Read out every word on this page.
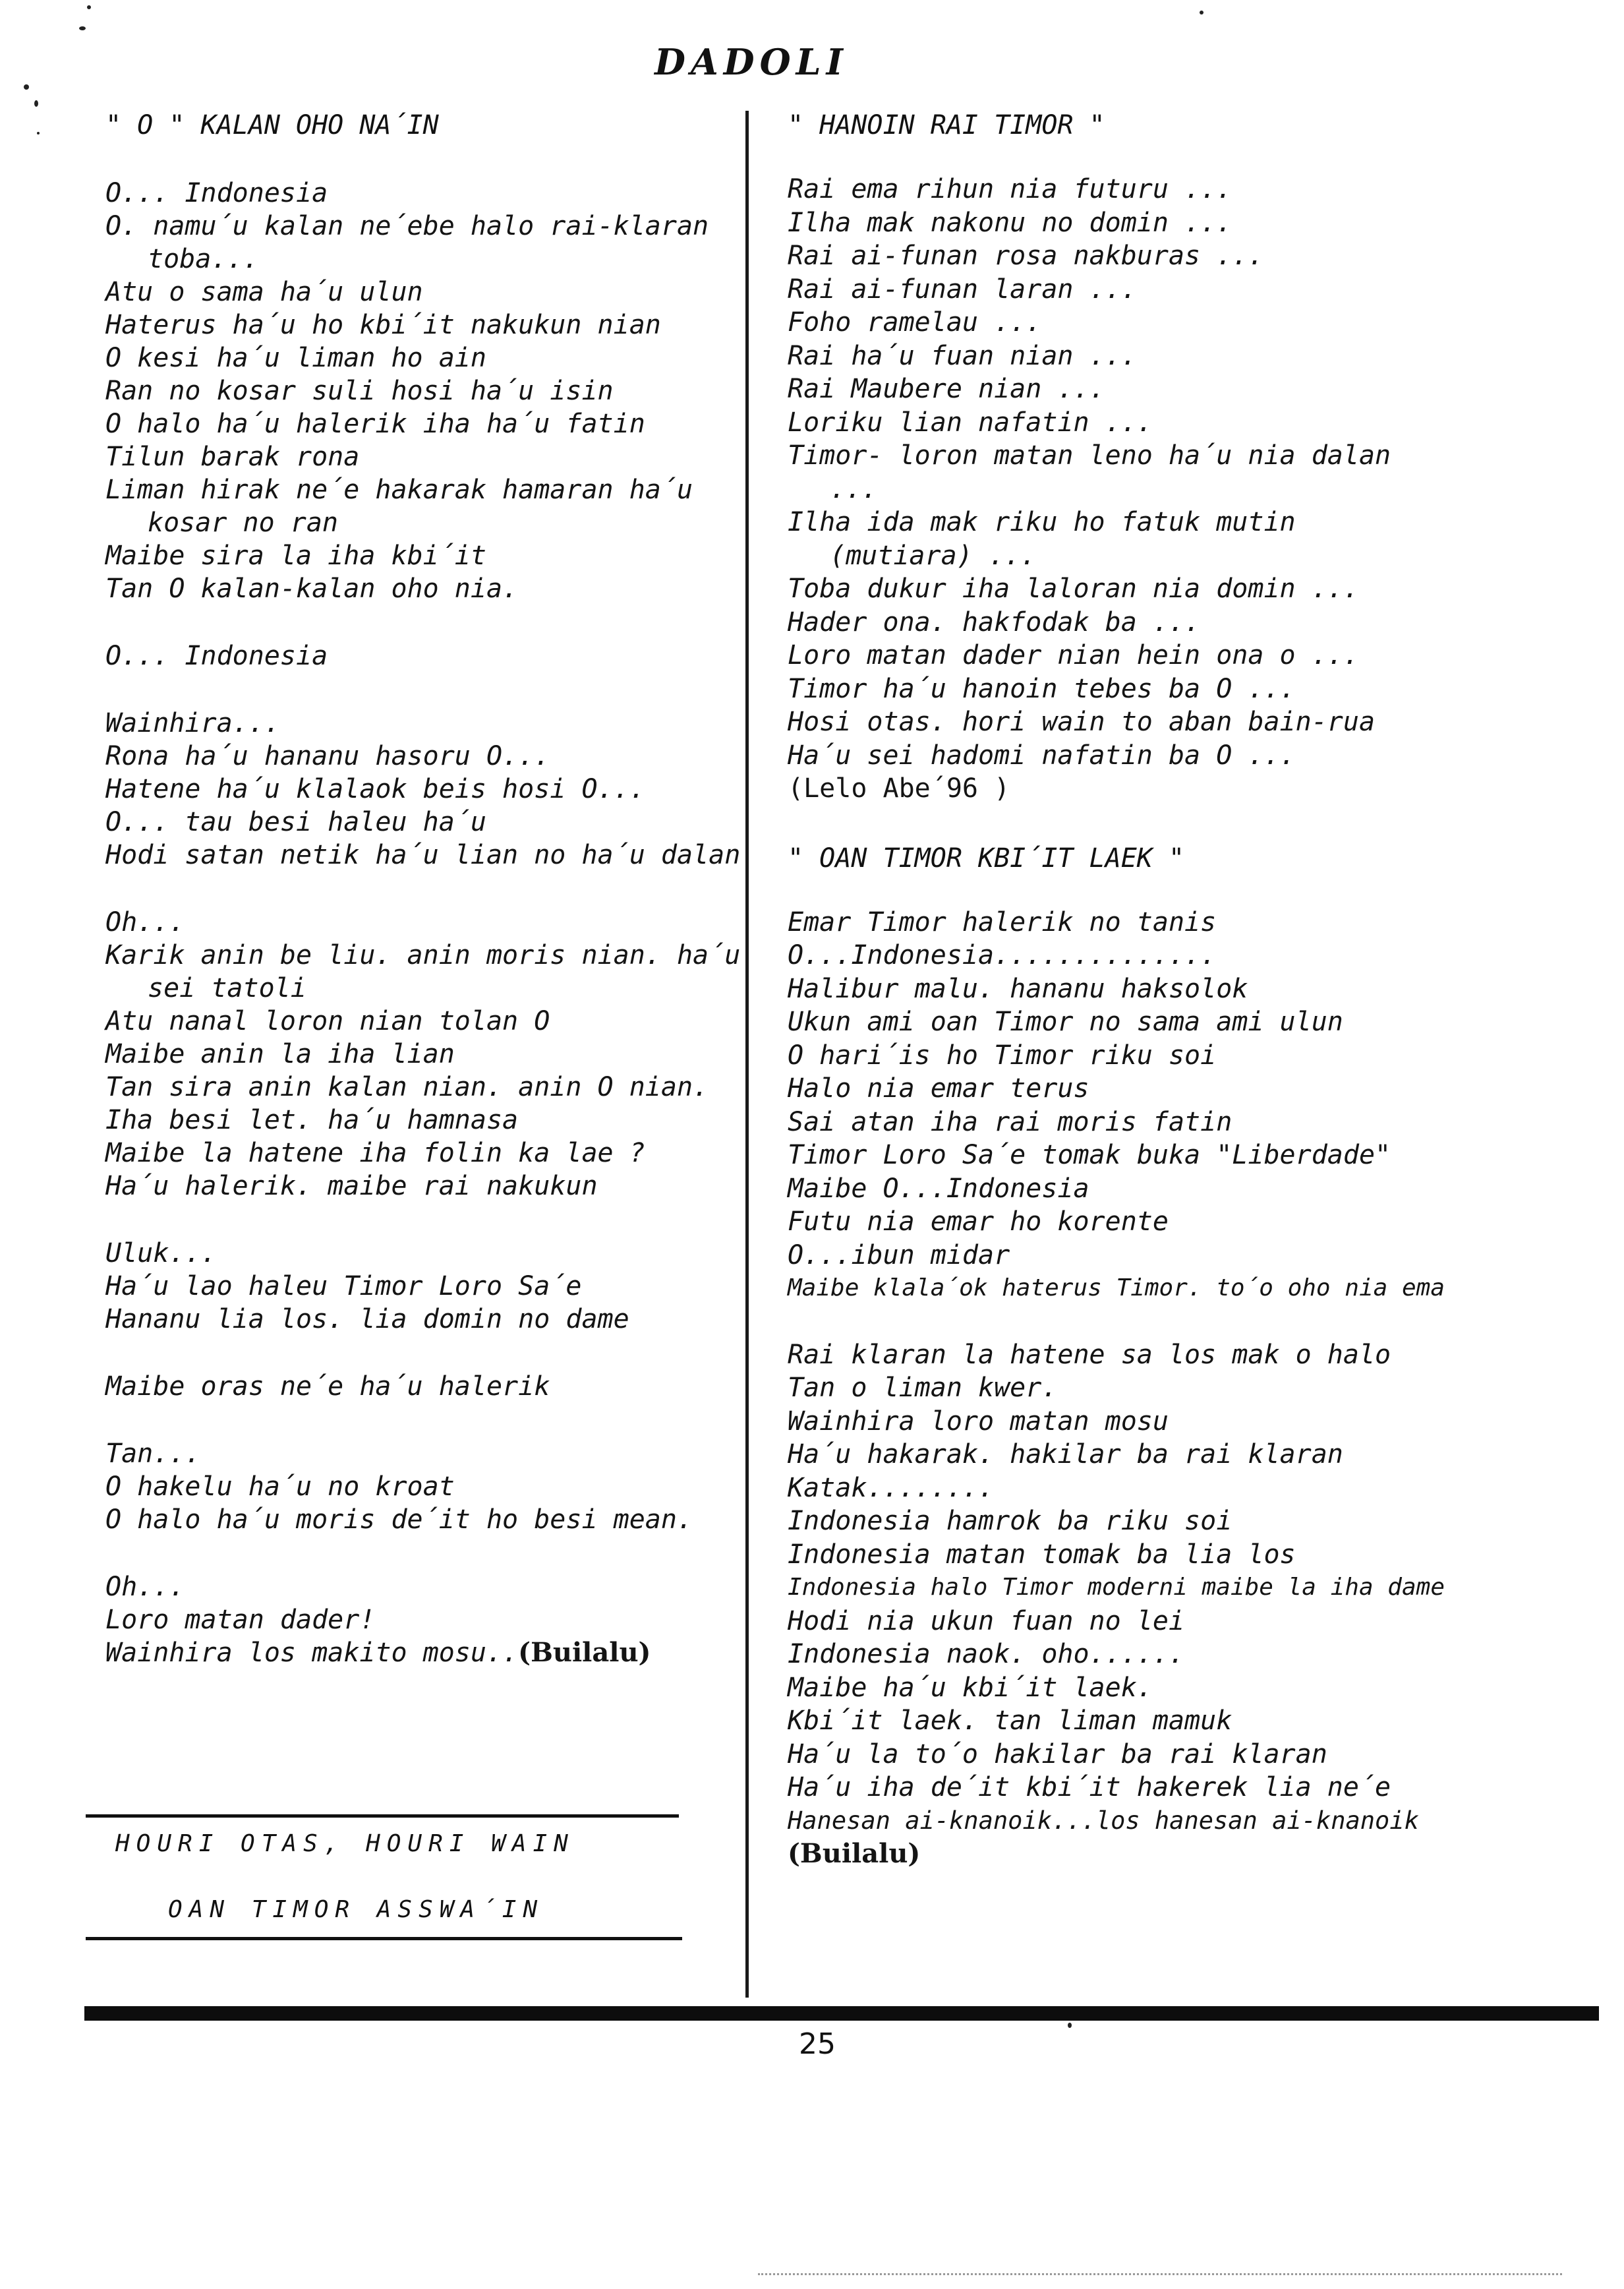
DADOLI
" O " KALAN OHO NA´IN
O... Indonesia
O. namu´u kalan ne´ebe halo rai-klaran toba...
Atu o sama ha´u ulun
Haterus ha´u ho kbi´it nakukun nian
O kesi ha´u liman ho ain
Ran no kosar suli hosi ha´u isin
O halo ha´u halerik iha ha´u fatin
Tilun barak rona
Liman hirak ne´e hakarak hamaran ha´u kosar no ran
Maibe sira la iha kbi´it
Tan O kalan-kalan oho nia.
O... Indonesia
Wainhira...
Rona ha´u hananu hasoru O...
Hatene ha´u klalaok beis hosi O...
O... tau besi haleu ha´u
Hodi satan netik ha´u lian no ha´u dalan
Oh...
Karik anin be liu. anin moris nian. ha´u sei tatoli
Atu nanal loron nian tolan O
Maibe anin la iha lian
Tan sira anin kalan nian. anin O nian.
Iha besi let. ha´u hamnasa
Maibe la hatene iha folin ka lae ?
Ha´u halerik. maibe rai nakukun
Uluk...
Ha´u lao haleu Timor Loro Sa´e
Hananu lia los. lia domin no dame
Maibe oras ne´e ha´u halerik
Tan...
O hakelu ha´u no kroat
O halo ha´u moris de´it ho besi mean.
Oh...
Loro matan dader!
Wainhira los makito mosu..(Builalu)
HOURI OTAS, HOURI WAIN
OAN TIMOR ASSWA´IN
" HANOIN RAI TIMOR "
Rai ema rihun nia futuru ...
Ilha mak nakonu no domin ...
Rai ai-funan rosa nakburas ...
Rai ai-funan laran ...
Foho ramelau ...
Rai ha´u fuan nian ...
Rai Maubere nian ...
Loriku lian nafatin ...
Timor- loron matan leno ha´u nia dalan ...
Ilha ida mak riku ho fatuk mutin (mutiara) ...
Toba dukur iha laloran nia domin ...
Hader ona. hakfodak ba ...
Loro matan dader nian hein ona o ...
Timor ha´u hanoin tebes ba O ...
Hosi otas. hori wain to aban bain-rua
Ha´u sei hadomi nafatin ba O ...
(Lelo Abe´96 )
" OAN TIMOR KBI´IT LAEK "
Emar Timor halerik no tanis
O...Indonesia..............
Halibur malu. hananu haksolok
Ukun ami oan Timor no sama ami ulun
O hari´is ho Timor riku soi
Halo nia emar terus
Sai atan iha rai moris fatin
Timor Loro Sa´e tomak buka "Liberdade"
Maibe O...Indonesia
Futu nia emar ho korente
O...ibun midar
Maibe klala´ok haterus Timor. to´o oho nia ema
Rai klaran la hatene sa los mak o halo
Tan o liman kwer.
Wainhira loro matan mosu
Ha´u hakarak. hakilar ba rai klaran
Katak........
Indonesia hamrok ba riku soi
Indonesia matan tomak ba lia los
Indonesia halo Timor moderni maibe la iha dame
Hodi nia ukun fuan no lei
Indonesia naok. oho......
Maibe ha´u kbi´it laek.
Kbi´it laek. tan liman mamuk
Ha´u la to´o hakilar ba rai klaran
Ha´u iha de´it kbi´it hakerek lia ne´e
Hanesan ai-knanoik...los hanesan ai-knanoik
(Builalu)
25
